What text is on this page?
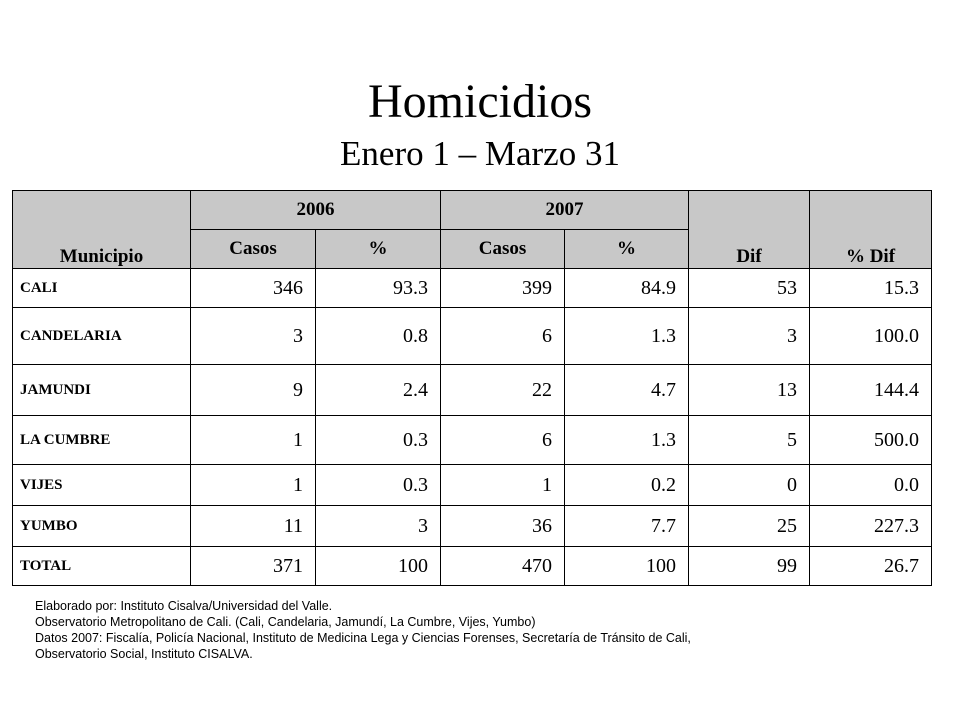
Homicidios
Enero 1 – Marzo 31
Municipio	2006		2007		Dif	% Dif
	Casos	%	Casos	%		
CALI	346	93.3	399	84.9	53	15.3
CANDELARIA	3	0.8	6	1.3	3	100.0
JAMUNDI	9	2.4	22	4.7	13	144.4
LA CUMBRE	1	0.3	6	1.3	5	500.0
VIJES	1	0.3	1	0.2	0	0.0
YUMBO	11	3	36	7.7	25	227.3
TOTAL	371	100	470	100	99	26.7
Elaborado por: Instituto Cisalva/Universidad del Valle.
Observatorio Metropolitano de Cali. (Cali, Candelaria, Jamundí, La Cumbre, Vijes, Yumbo)
Datos 2007: Fiscalía, Policía Nacional, Instituto de Medicina Lega y Ciencias Forenses, Secretaría de Tránsito de Cali,
Observatorio Social, Instituto CISALVA.
